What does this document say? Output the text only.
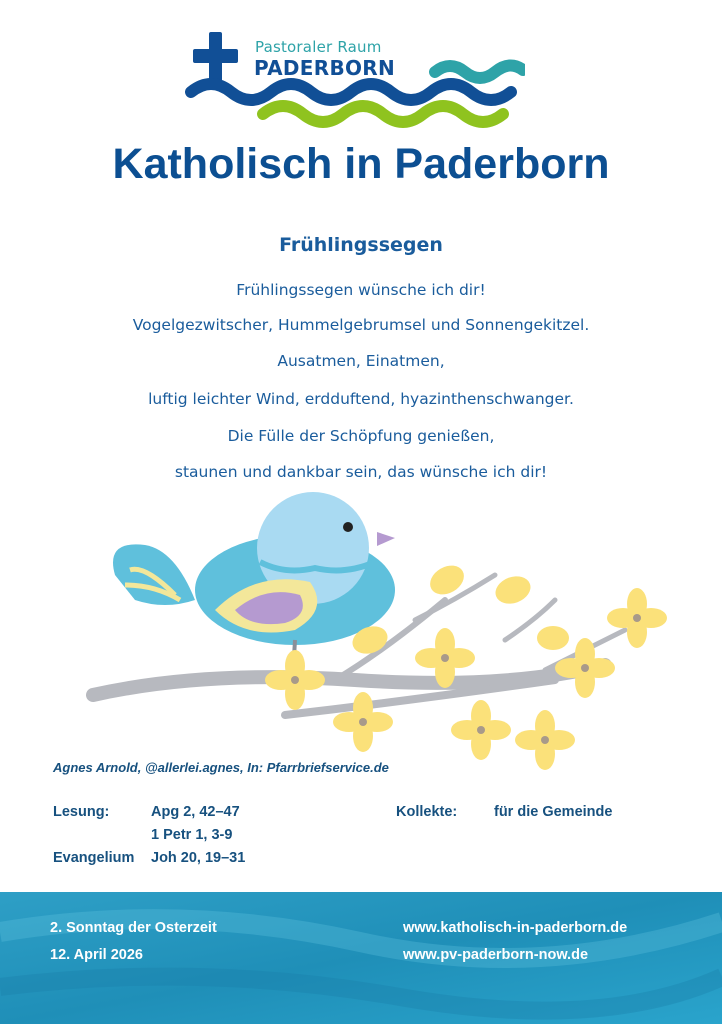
Pastoraler Raum
PADERBORN
Katholisch in Paderborn
Frühlingssegen
Frühlingssegen wünsche ich dir!
Vogelgezwitscher, Hummelgebrumsel und Sonnengekitzel.
Ausatmen, Einatmen,
luftig leichter Wind, erdduftend, hyazinthenschwanger.
Die Fülle der Schöpfung genießen,
staunen und dankbar sein, das wünsche ich dir!
Agnes Arnold, @allerlei.agnes, In: Pfarrbriefservice.de
Lesung:	Apg 2, 42–47
1 Petr 1, 3-9
Evangelium Joh 20, 19–31
Kollekte:	für die Gemeinde
2. Sonntag der Osterzeit
12. April 2026
www.katholisch-in-paderborn.de
www.pv-paderborn-now.de
